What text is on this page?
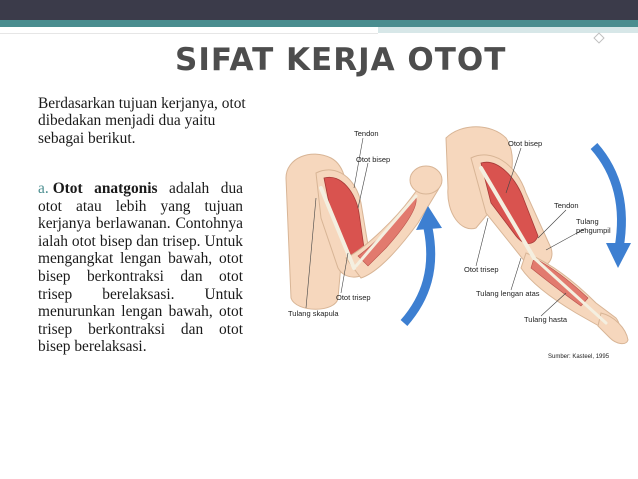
SIFAT KERJA OTOT
Berdasarkan tujuan kerjanya, otot dibedakan menjadi dua yaitu sebagai berikut.
a. Otot anatgonis adalah dua otot atau lebih yang tujuan kerjanya berlawanan. Contohnya ialah otot bisep dan trisep. Untuk mengangkat lengan bawah, otot bisep berkontraksi dan otot trisep berelaksasi. Untuk menurunkan lengan bawah, otot trisep berkontraksi dan otot bisep berelaksasi.
Tendon
Otot bisep
Otot trisep
Tulang skapula
Otot bisep
Tendon
Tulang pengumpil
Otot trisep
Tulang lengan atas
Tulang hasta
Sumber: Kasteel, 1995
